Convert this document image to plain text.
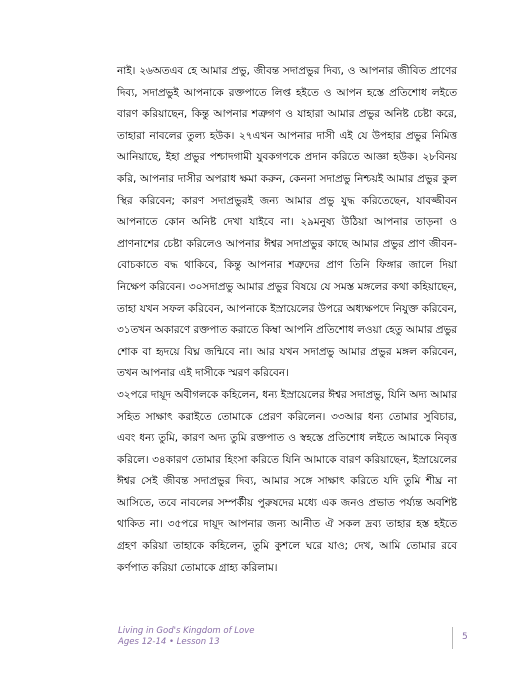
নাই। ২৬অতএব হে আমার প্রভু, জীবন্ত সদাপ্রভুর দিব্য, ও আপনার জীবিত প্রাণের দিব্য, সদাপ্রভুই আপনাকে রক্তপাতে লিপ্ত হইতে ও আপন হস্তে প্রতিশোধ লইতে বারণ করিয়াছেন, কিন্তু আপনার শত্রুগণ ও যাহারা আমার প্রভুর অনিষ্ট চেষ্টা করে, তাহারা নাবলের তুল্য হউক। ২৭এখন আপনার দাসী এই যে উপহার প্রভুর নিমিত্ত আনিয়াছে, ইহা প্রভুর পশ্চাদগামী যুবকগণকে প্রদান করিতে আজ্ঞা হউক। ২৮বিনয় করি, আপনার দাসীর অপরাধ ক্ষমা করুন, কেননা সদাপ্রভু নিশ্চয়ই আমার প্রভুর কুল স্থির করিবেন; কারণ সদাপ্রভুরই জন্য আমার প্রভু যুদ্ধ করিতেছেন, যাবজ্জীবন আপনাতে কোন অনিষ্ট দেখা যাইবে না। ২৯মনুষ্য উঠিয়া আপনার তাড়না ও প্রাণনাশের চেষ্টা করিলেও আপনার ঈশ্বর সদাপ্রভুর কাছে আমার প্রভুর প্রাণ জীবন-বোচকাতে বদ্ধ থাকিবে, কিন্তু আপনার শত্রুদের প্রাণ তিনি ফিঙ্গার জালে দিয়া নিক্ষেপ করিবেন। ৩০সদাপ্রভু আমার প্রভুর বিষয়ে যে সমস্ত মঙ্গলের কথা কহিয়াছেন, তাহা যখন সফল করিবেন, আপনাকে ইস্রায়েলের উপরে অধ্যক্ষপদে নিযুক্ত করিবেন, ৩১তখন অকারণে রক্তপাত করাতে কিম্বা আপনি প্রতিশোধ লওয়া হেতু আমার প্রভুর শোক বা হৃদয়ে বিঘ্ন জন্মিবে না। আর যখন সদাপ্রভু আমার প্রভুর মঙ্গল করিবেন, তখন আপনার এই দাসীকে স্মরণ করিবেন।

৩২পরে দায়ূদ অবীগলকে কহিলেন, ধন্য ইস্রায়েলের ঈশ্বর সদাপ্রভু, যিনি অদ্য আমার সহিত সাক্ষাৎ করাইতে তোমাকে প্রেরণ করিলেন। ৩৩আর ধন্য তোমার সুবিচার, এবং ধন্য তুমি, কারণ অদ্য তুমি রক্তপাত ও স্বহস্তে প্রতিশোধ লইতে আমাকে নিবৃত্ত করিলে। ৩৪কারণ তোমার হিংসা করিতে যিনি আমাকে বারণ করিয়াছেন, ইস্রায়েলের ঈশ্বর সেই জীবন্ত সদাপ্রভুর দিব্য, আমার সঙ্গে সাক্ষাৎ করিতে যদি তুমি শীঘ্র না আসিতে, তবে নাবলের সম্পর্কীয় পুরুষদের মধ্যে এক জনও প্রভাত পর্য্যন্ত অবশিষ্ট থাকিত না। ৩৫পরে দায়ূদ আপনার জন্য আনীত ঐ সকল দ্রব্য তাহার হস্ত হইতে গ্রহণ করিয়া তাহাকে কহিলেন, তুমি কুশলে ঘরে যাও; দেখ, আমি তোমার রবে কর্ণপাত করিয়া তোমাকে গ্রাহ্য করিলাম।

Living in God's Kingdom of Love
Ages 12-14 • Lesson 13	5
